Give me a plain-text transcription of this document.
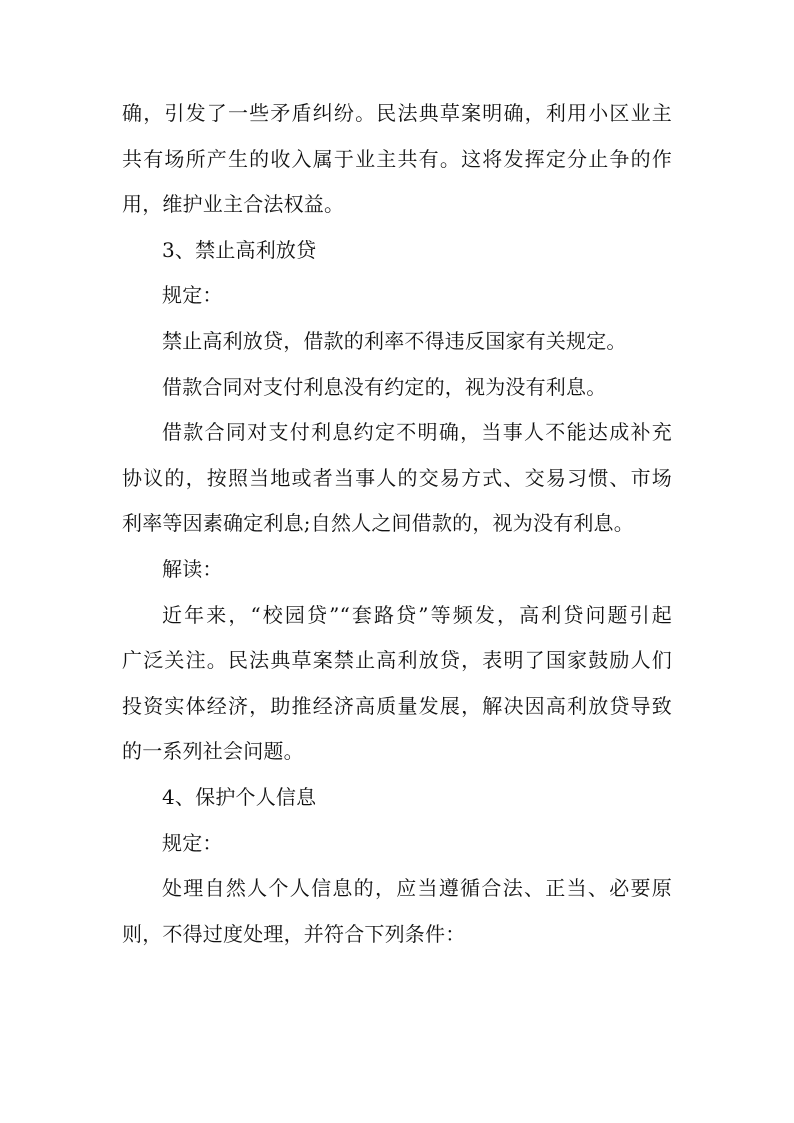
确，引发了一些矛盾纠纷。民法典草案明确，利用小区业主
共有场所产生的收入属于业主共有。这将发挥定分止争的作
用，维护业主合法权益。
3、禁止高利放贷
规定：
禁止高利放贷，借款的利率不得违反国家有关规定。
借款合同对支付利息没有约定的，视为没有利息。
借款合同对支付利息约定不明确，当事人不能达成补充
协议的，按照当地或者当事人的交易方式、交易习惯、市场
利率等因素确定利息;自然人之间借款的，视为没有利息。
解读：
近年来，“校园贷”“套路贷”等频发，高利贷问题引起
广泛关注。民法典草案禁止高利放贷，表明了国家鼓励人们
投资实体经济，助推经济高质量发展，解决因高利放贷导致
的一系列社会问题。
4、保护个人信息
规定：
处理自然人个人信息的，应当遵循合法、正当、必要原
则，不得过度处理，并符合下列条件：
